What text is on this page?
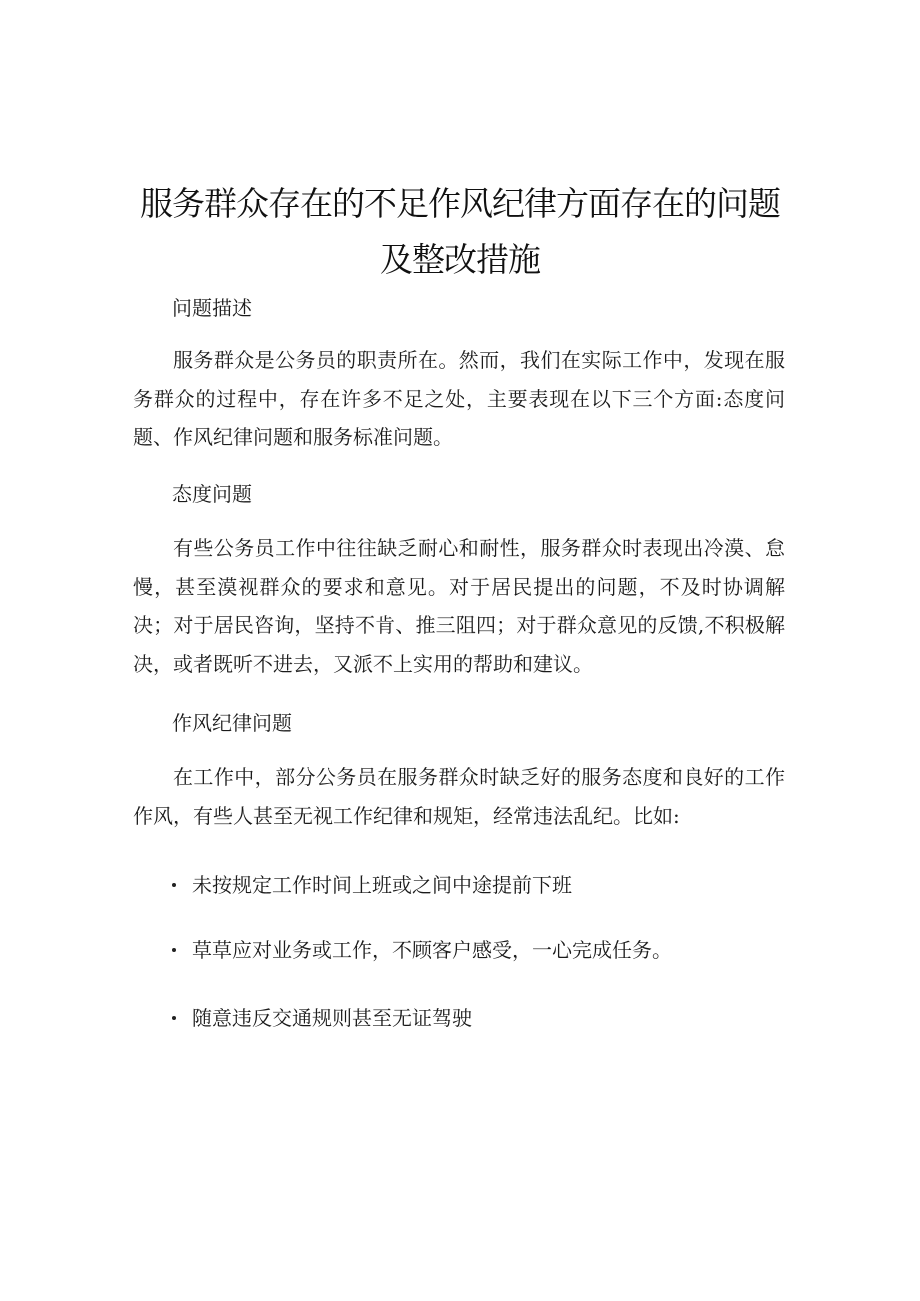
服务群众存在的不足作风纪律方面存在的问题
及整改措施
问题描述
服务群众是公务员的职责所在。然而，我们在实际工作中，发现在服务群众的过程中，存在许多不足之处，主要表现在以下三个方面:态度问题、作风纪律问题和服务标准问题。
态度问题
有些公务员工作中往往缺乏耐心和耐性，服务群众时表现出冷漠、怠慢，甚至漠视群众的要求和意见。对于居民提出的问题，不及时协调解决；对于居民咨询，坚持不肯、推三阻四；对于群众意见的反馈,不积极解决，或者既听不进去，又派不上实用的帮助和建议。
作风纪律问题
在工作中，部分公务员在服务群众时缺乏好的服务态度和良好的工作作风，有些人甚至无视工作纪律和规矩，经常违法乱纪。比如:
未按规定工作时间上班或之间中途提前下班
草草应对业务或工作，不顾客户感受，一心完成任务。
随意违反交通规则甚至无证驾驶
